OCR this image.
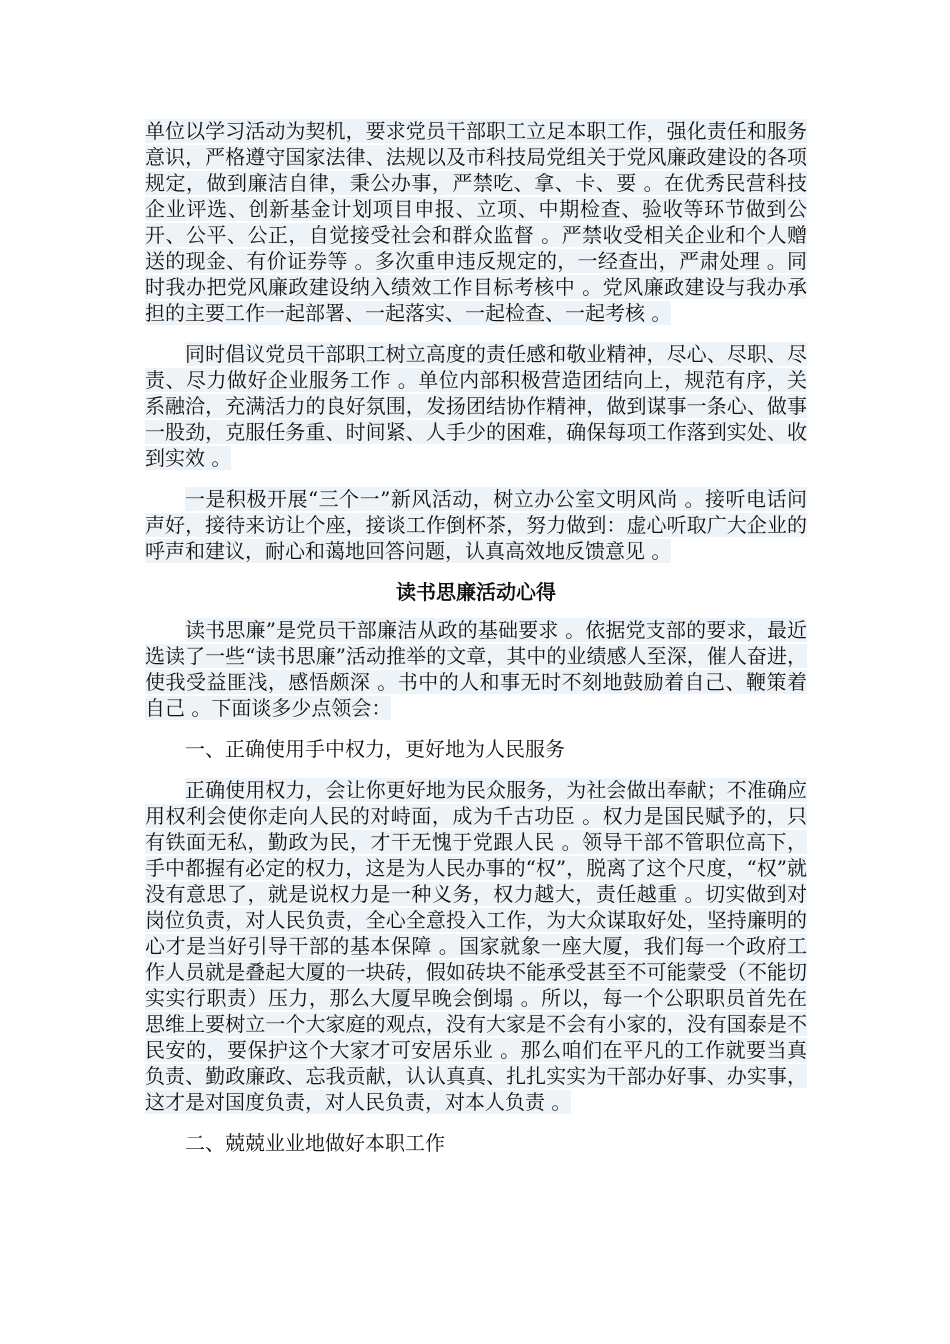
单位以学习活动为契机，要求党员干部职工立足本职工作，强化责任和服务意识，严格遵守国家法律、法规以及市科技局党组关于党风廉政建设的各项规定，做到廉洁自律，秉公办事，严禁吃、拿、卡、要 。在优秀民营科技企业评选、创新基金计划项目申报、立项、中期检查、验收等环节做到公开、公平、公正，自觉接受社会和群众监督 。严禁收受相关企业和个人赠送的现金、有价证券等 。多次重申违反规定的，一经查出，严肃处理 。同时我办把党风廉政建设纳入绩效工作目标考核中 。党风廉政建设与我办承担的主要工作一起部署、一起落实、一起检查、一起考核 。

同时倡议党员干部职工树立高度的责任感和敬业精神，尽心、尽职、尽责、尽力做好企业服务工作 。单位内部积极营造团结向上，规范有序，关系融洽，充满活力的良好氛围，发扬团结协作精神，做到谋事一条心、做事一股劲，克服任务重、时间紧、人手少的困难，确保每项工作落到实处、收到实效 。

一是积极开展“三个一”新风活动，树立办公室文明风尚 。接听电话问声好，接待来访让个座，接谈工作倒杯茶，努力做到：虚心听取广大企业的呼声和建议，耐心和蔼地回答问题，认真高效地反馈意见 。

读书思廉活动心得

读书思廉”是党员干部廉洁从政的基础要求 。依据党支部的要求，最近选读了一些“读书思廉”活动推举的文章，其中的业绩感人至深，催人奋进，使我受益匪浅，感悟颇深 。书中的人和事无时不刻地鼓励着自己、鞭策着自己 。下面谈多少点领会：

一、正确使用手中权力，更好地为人民服务

正确使用权力，会让你更好地为民众服务，为社会做出奉献；不准确应用权利会使你走向人民的对峙面，成为千古功臣 。权力是国民赋予的，只有铁面无私，勤政为民，才干无愧于党跟人民 。领导干部不管职位高下，手中都握有必定的权力，这是为人民办事的“权”，脱离了这个尺度，“权”就没有意思了，就是说权力是一种义务，权力越大，责任越重 。切实做到对岗位负责，对人民负责，全心全意投入工作，为大众谋取好处，坚持廉明的心才是当好引导干部的基本保障 。国家就象一座大厦，我们每一个政府工作人员就是叠起大厦的一块砖，假如砖块不能承受甚至不可能蒙受（不能切实实行职责）压力，那么大厦早晚会倒塌 。所以，每一个公职职员首先在思维上要树立一个大家庭的观点，没有大家是不会有小家的，没有国泰是不民安的，要保护这个大家才可安居乐业 。那么咱们在平凡的工作就要当真负责、勤政廉政、忘我贡献，认认真真、扎扎实实为干部办好事、办实事，这才是对国度负责，对人民负责，对本人负责 。

二、兢兢业业地做好本职工作
